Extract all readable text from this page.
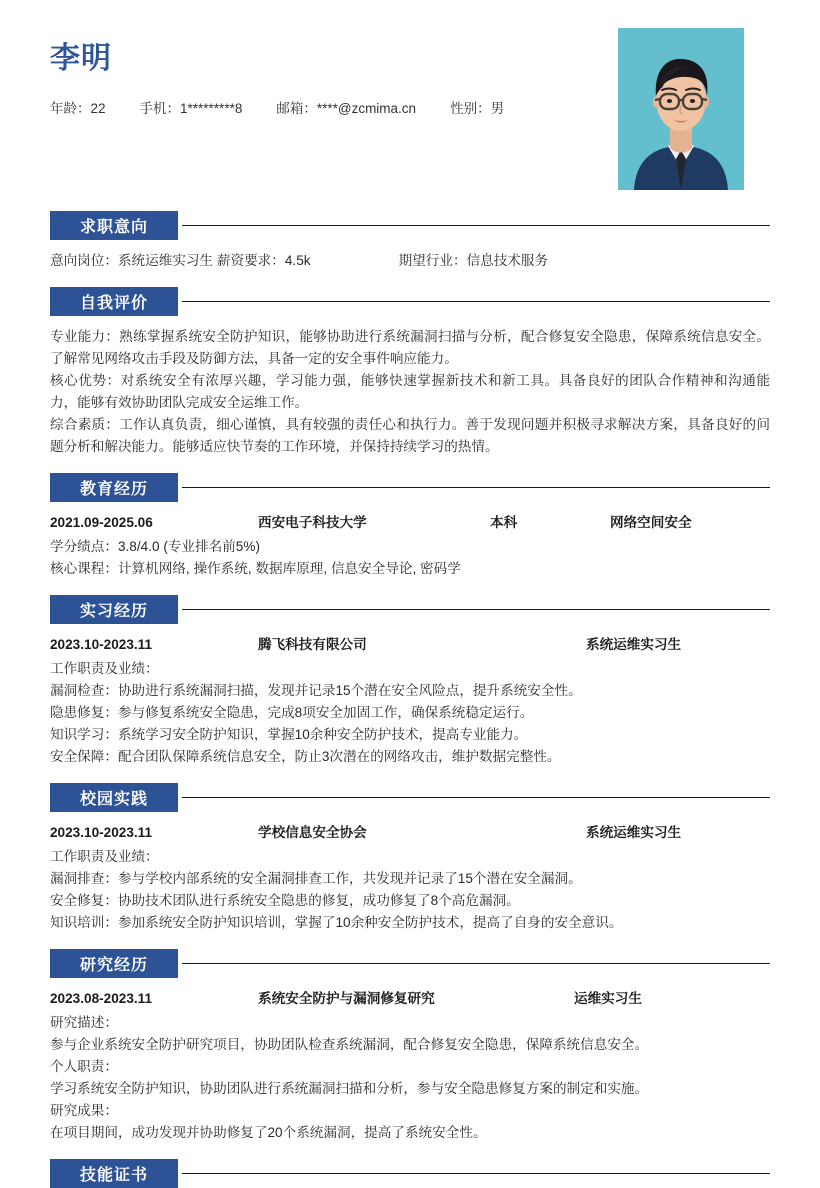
李明
年龄：22	手机：1*********8	邮箱：****@zcmima.cn	性别：男
求职意向
意向岗位：系统运维实习生 薪资要求：4.5k	期望行业：信息技术服务
自我评价

专业能力：熟练掌握系统安全防护知识，能够协助进行系统漏洞扫描与分析，配合修复安全隐患，保障系统信息安全。了解常见网络攻击手段及防御方法，具备一定的安全事件响应能力。

核心优势：对系统安全有浓厚兴趣，学习能力强，能够快速掌握新技术和新工具。具备良好的团队合作精神和沟通能力，能够有效协助团队完成安全运维工作。

综合素质：工作认真负责，细心谨慎，具有较强的责任心和执行力。善于发现问题并积极寻求解决方案，具备良好的问题分析和解决能力。能够适应快节奏的工作环境，并保持持续学习的热情。

教育经历
2021.09-2025.06	西安电子科技大学	本科	网络空间安全
学分绩点：3.8/4.0 (专业排名前5%)
核心课程：计算机网络, 操作系统, 数据库原理, 信息安全导论, 密码学
实习经历
2023.10-2023.11	腾飞科技有限公司	系统运维实习生
工作职责及业绩：
漏洞检查：协助进行系统漏洞扫描，发现并记录15个潜在安全风险点，提升系统安全性。
隐患修复：参与修复系统安全隐患，完成8项安全加固工作，确保系统稳定运行。
知识学习：系统学习安全防护知识，掌握10余种安全防护技术，提高专业能力。
安全保障：配合团队保障系统信息安全，防止3次潜在的网络攻击，维护数据完整性。
校园实践
2023.10-2023.11	学校信息安全协会	系统运维实习生
工作职责及业绩：
漏洞排查：参与学校内部系统的安全漏洞排查工作，共发现并记录了15个潜在安全漏洞。
安全修复：协助技术团队进行系统安全隐患的修复，成功修复了8个高危漏洞。
知识培训：参加系统安全防护知识培训，掌握了10余种安全防护技术，提高了自身的安全意识。
研究经历
2023.08-2023.11	系统安全防护与漏洞修复研究	运维实习生
研究描述：
参与企业系统安全防护研究项目，协助团队检查系统漏洞，配合修复安全隐患，保障系统信息安全。
个人职责：
学习系统安全防护知识，协助团队进行系统漏洞扫描和分析，参与安全隐患修复方案的制定和实施。
研究成果：
在项目期间，成功发现并协助修复了20个系统漏洞，提高了系统安全性。
技能证书
